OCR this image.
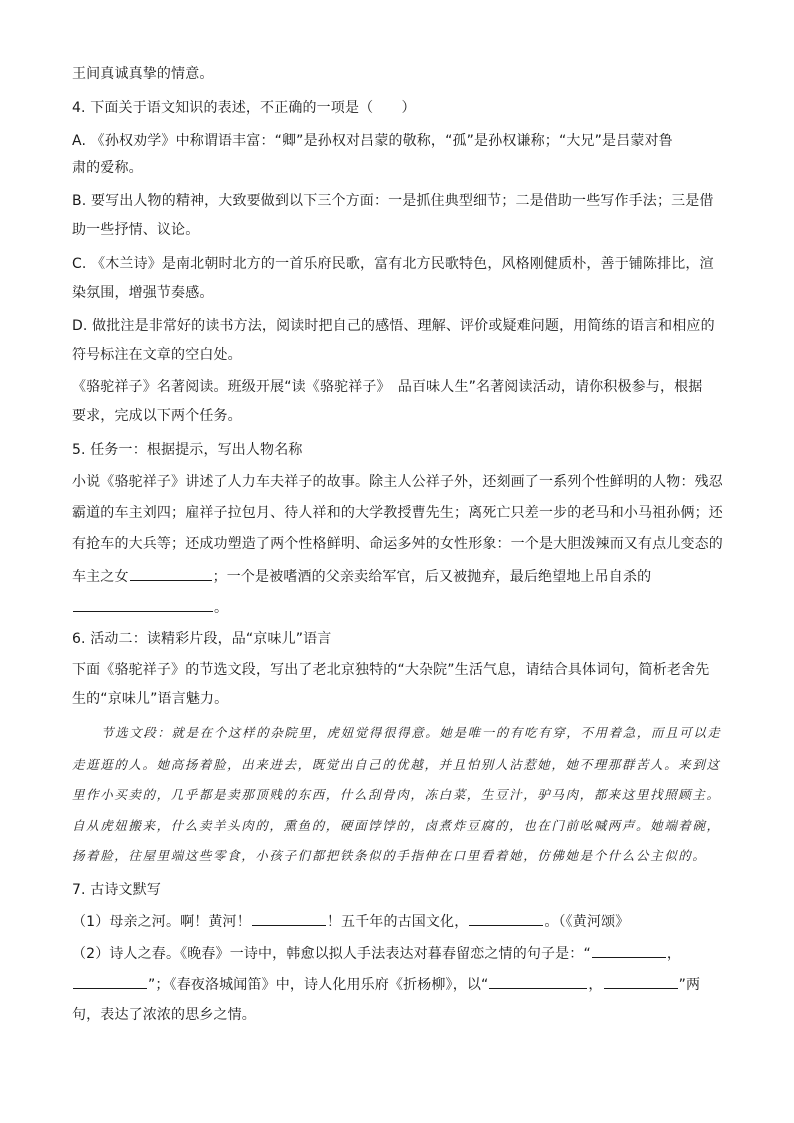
王间真诚真挚的情意。
4. 下面关于语文知识的表述，不正确的一项是（　　）
A. 《孙权劝学》中称谓语丰富：“卿”是孙权对吕蒙的敬称，“孤”是孙权谦称；“大兄”是吕蒙对鲁
肃的爱称。
B. 要写出人物的精神，大致要做到以下三个方面：一是抓住典型细节；二是借助一些写作手法；三是借
助一些抒情、议论。
C. 《木兰诗》是南北朝时北方的一首乐府民歌，富有北方民歌特色，风格刚健质朴，善于铺陈排比，渲
染氛围，增强节奏感。
D. 做批注是非常好的读书方法，阅读时把自己的感悟、理解、评价或疑难问题，用简练的语言和相应的
符号标注在文章的空白处。
《骆驼祥子》名著阅读。班级开展“读《骆驼祥子》　品百味人生”名著阅读活动，请你积极参与，根据
要求，完成以下两个任务。
5. 任务一：根据提示，写出人物名称
小说《骆驼祥子》讲述了人力车夫祥子的故事。除主人公祥子外，还刻画了一系列个性鲜明的人物：残忍
霸道的车主刘四；雇祥子拉包月、待人祥和的大学教授曹先生；离死亡只差一步的老马和小马祖孙俩；还
有抢车的大兵等；还成功塑造了两个性格鲜明、命运多舛的女性形象：一个是大胆泼辣而又有点儿变态的
车主之女	；一个是被嗜酒的父亲卖给军官，后又被抛弃，最后绝望地上吊自杀的
。
6. 活动二：读精彩片段，品“京味儿”语言
下面《骆驼祥子》的节选文段，写出了老北京独特的“大杂院”生活气息，请结合具体词句，简析老舍先
生的“京味儿”语言魅力。
节选文段：就是在个这样的杂院里，虎妞觉得很得意。她是唯一的有吃有穿，不用着急，而且可以走
走逛逛的人。她高扬着脸，出来进去，既觉出自己的优越，并且怕别人沾惹她，她不理那群苦人。来到这
里作小买卖的，几乎都是卖那顶贱的东西，什么刮骨肉，冻白菜，生豆汁，驴马肉，都来这里找照顾主。
自从虎妞搬来，什么卖羊头肉的，熏鱼的，硬面饽饽的，卤煮炸豆腐的，也在门前吆喊两声。她端着碗，
扬着脸，往屋里端这些零食，小孩子们都把铁条似的手指伸在口里看着她，仿佛她是个什么公主似的。
7. 古诗文默写
（1）母亲之河。啊！黄河！	！五千年的古国文化，	。（《黄河颂》
（2）诗人之春。《晚春》一诗中，韩愈以拟人手法表达对暮春留恋之情的句子是：“	，
”；《春夜洛城闻笛》中，诗人化用乐府《折杨柳》，以“	，	”两
句，表达了浓浓的思乡之情。
